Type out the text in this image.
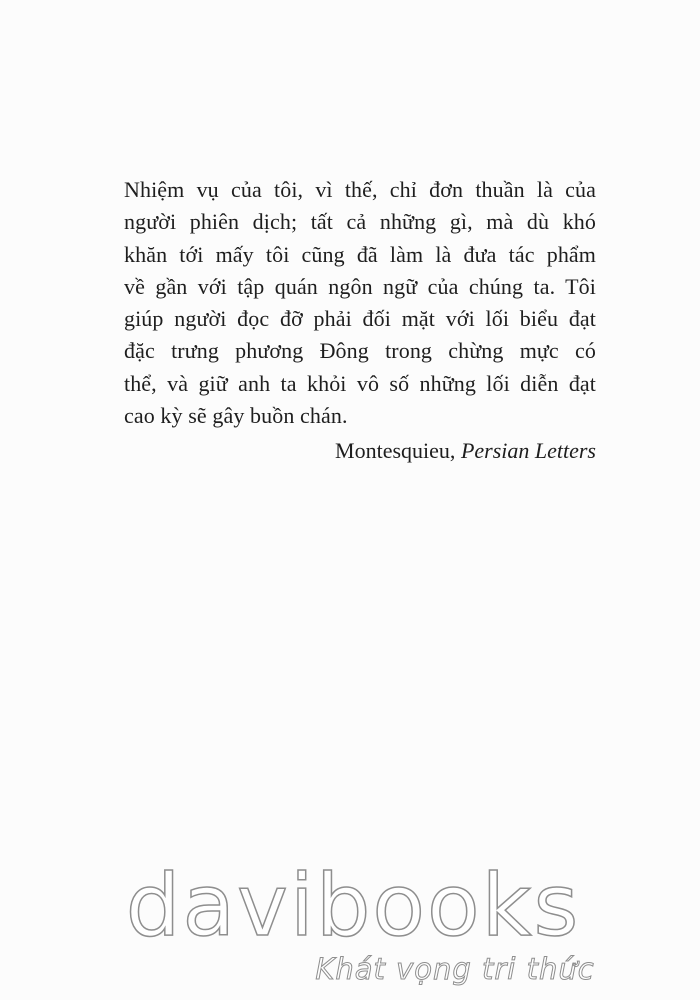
Nhiệm vụ của tôi, vì thế, chỉ đơn thuần là của
người phiên dịch; tất cả những gì, mà dù khó
khăn tới mấy tôi cũng đã làm là đưa tác phẩm
về gần với tập quán ngôn ngữ của chúng ta. Tôi
giúp người đọc đỡ phải đối mặt với lối biểu đạt
đặc trưng phương Đông trong chừng mực có
thể, và giữ anh ta khỏi vô số những lối diễn đạt
cao kỳ sẽ gây buồn chán.
Montesquieu, Persian Letters
davibooks
Khát vọng tri thức
